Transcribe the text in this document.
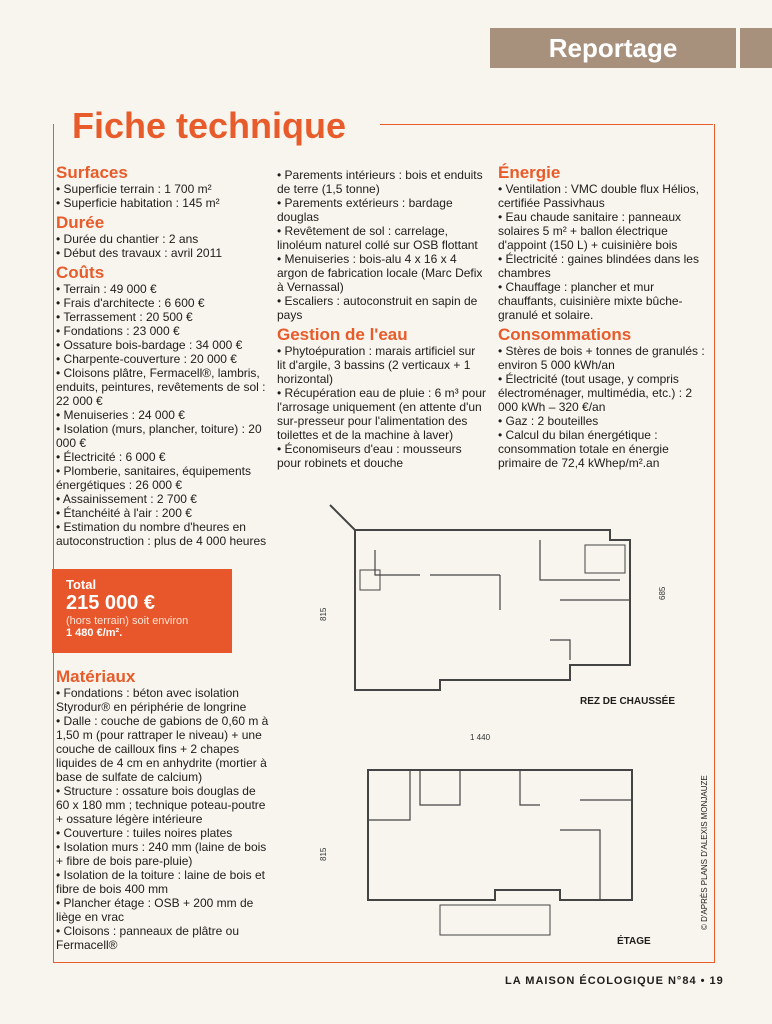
Reportage
Fiche technique
Surfaces
• Superficie terrain : 1 700 m²
• Superficie habitation : 145 m²
Durée
• Durée du chantier : 2 ans
• Début des travaux : avril 2011
Coûts
• Terrain : 49 000 €
• Frais d'architecte : 6 600 €
• Terrassement : 20 500 €
• Fondations : 23 000 €
• Ossature bois-bardage : 34 000 €
• Charpente-couverture : 20 000 €
• Cloisons plâtre, Fermacell®, lambris, enduits, peintures, revêtements de sol : 22 000 €
• Menuiseries : 24 000 €
• Isolation (murs, plancher, toiture) : 20 000 €
• Électricité : 6 000 €
• Plomberie, sanitaires, équipements énergétiques : 26 000 €
• Assainissement : 2 700 €
• Étanchéité à l'air : 200 €
• Estimation du nombre d'heures en autoconstruction : plus de 4 000 heures
Total
215 000 €
(hors terrain) soit environ
1 480 €/m².
Matériaux
• Fondations : béton avec isolation Styrodur® en périphérie de longrine
• Dalle : couche de gabions de 0,60 m à 1,50 m (pour rattraper le niveau) + une couche de cailloux fins + 2 chapes liquides de 4 cm en anhydrite (mortier à base de sulfate de calcium)
• Structure : ossature bois douglas de 60 x 180 mm ; technique poteau-poutre + ossature légère intérieure
• Couverture : tuiles noires plates
• Isolation murs : 240 mm (laine de bois + fibre de bois pare-pluie)
• Isolation de la toiture : laine de bois et fibre de bois 400 mm
• Plancher étage : OSB + 200 mm de liège en vrac
• Cloisons : panneaux de plâtre ou Fermacell®
• Parements intérieurs : bois et enduits de terre (1,5 tonne)
• Parements extérieurs : bardage douglas
• Revêtement de sol : carrelage, linoléum naturel collé sur OSB flottant
• Menuiseries : bois-alu 4 x 16 x 4 argon de fabrication locale (Marc Defix à Vernassal)
• Escaliers : autoconstruit en sapin de pays
Gestion de l'eau
• Phytoépuration : marais artificiel sur lit d'argile, 3 bassins (2 verticaux + 1 horizontal)
• Récupération eau de pluie : 6 m³ pour l'arrosage uniquement (en attente d'un sur-presseur pour l'alimentation des toilettes et de la machine à laver)
• Économiseurs d'eau : mousseurs pour robinets et douche
Énergie
• Ventilation : VMC double flux Hélios, certifiée Passivhaus
• Eau chaude sanitaire : panneaux solaires 5 m² + ballon électrique d'appoint (150 L) + cuisinière bois
• Électricité : gaines blindées dans les chambres
• Chauffage : plancher et mur chauffants, cuisinière mixte bûche-granulé et solaire.
Consommations
• Stères de bois + tonnes de granulés : environ 5 000 kWh/an
• Électricité (tout usage, y compris électroménager, multimédia, etc.) : 2 000 kWh – 320 €/an
• Gaz : 2 bouteilles
• Calcul du bilan énergétique : consommation totale en énergie primaire de 72,4 kWhep/m².an
815
685
1 440
815
REZ DE CHAUSSÉE
ÉTAGE
© D'APRÈS PLANS D'ALEXIS MONJAUZE
LA MAISON ÉCOLOGIQUE N°84 • 19
